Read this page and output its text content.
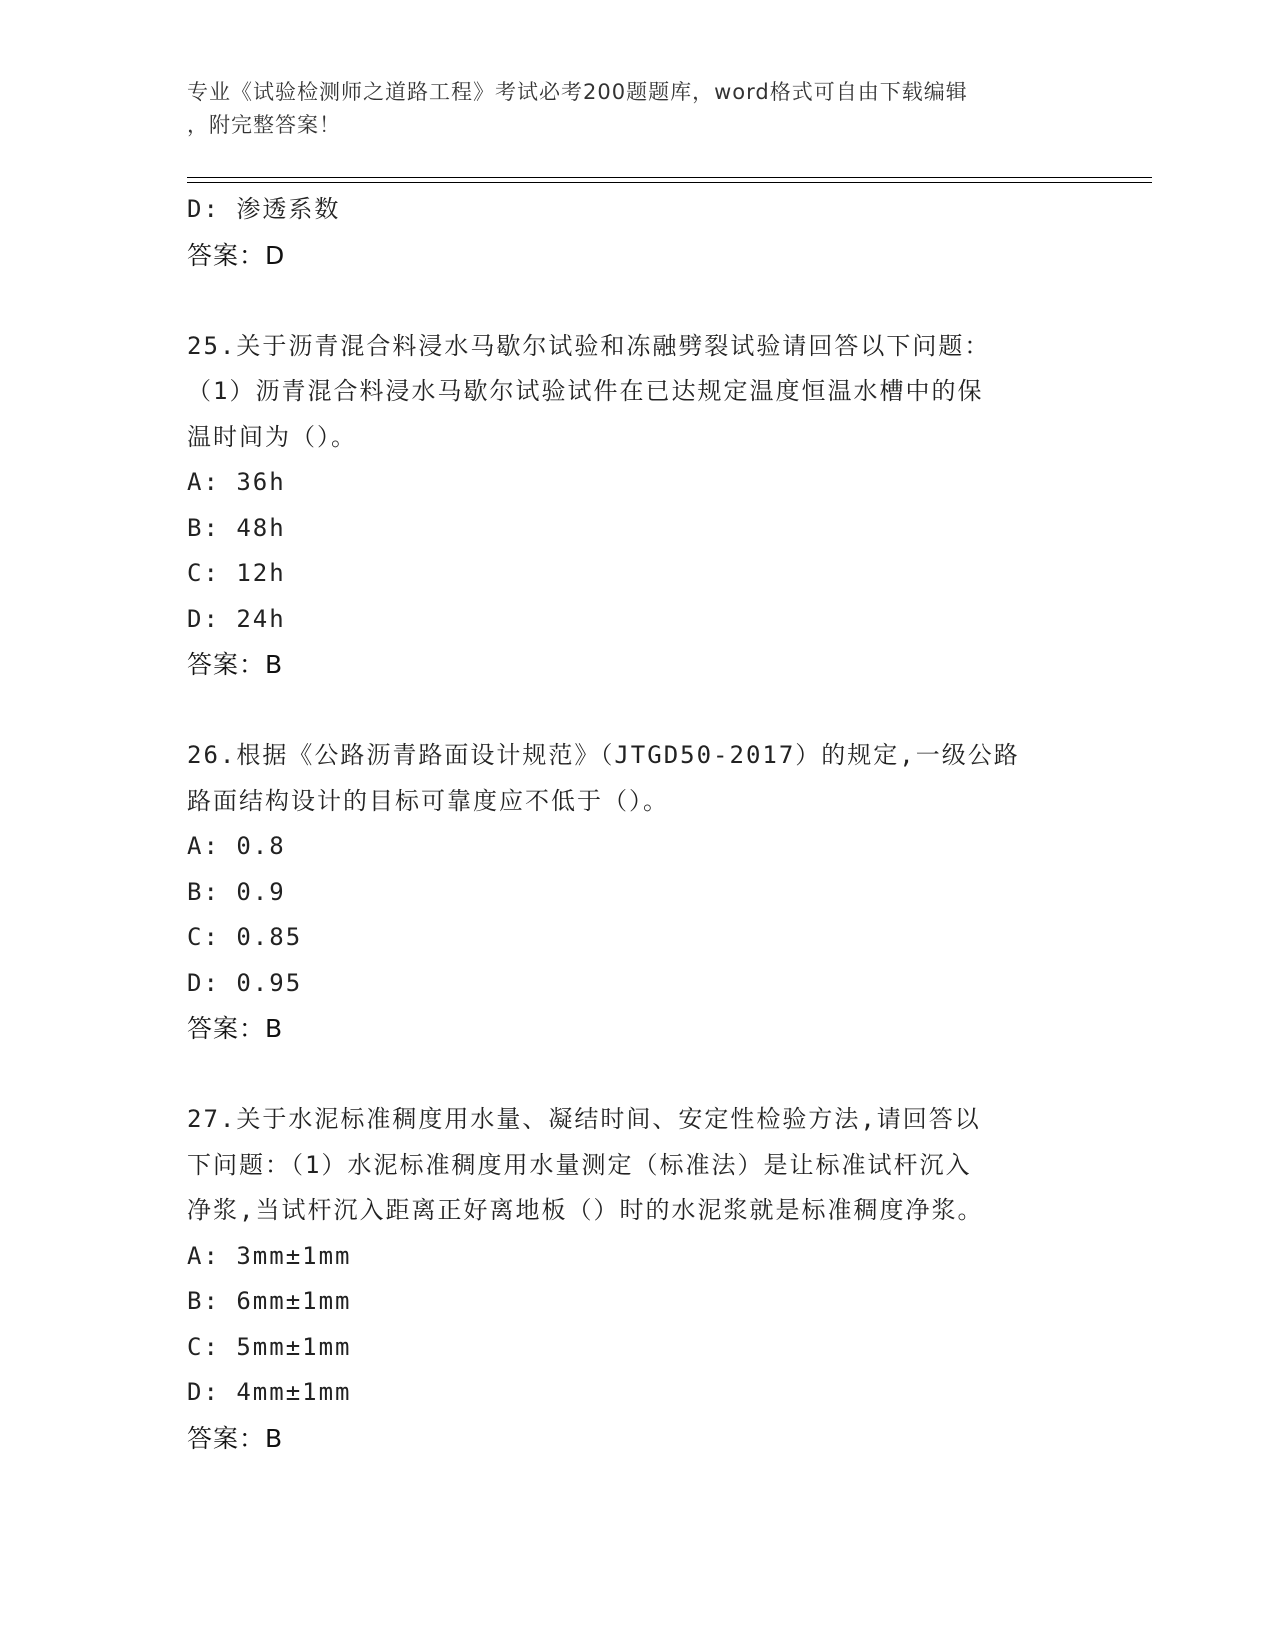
专业《试验检测师之道路工程》考试必考200题题库，word格式可自由下载编辑
，附完整答案！
D: 渗透系数
答案：D
25.关于沥青混合料浸水马歇尔试验和冻融劈裂试验请回答以下问题：
（1）沥青混合料浸水马歇尔试验试件在已达规定温度恒温水槽中的保
温时间为（）。
A: 36h
B: 48h
C: 12h
D: 24h
答案：B
26.根据《公路沥青路面设计规范》（JTGD50-2017）的规定,一级公路
路面结构设计的目标可靠度应不低于（）。
A: 0.8
B: 0.9
C: 0.85
D: 0.95
答案：B
27.关于水泥标准稠度用水量、凝结时间、安定性检验方法,请回答以
下问题：（1）水泥标准稠度用水量测定（标准法）是让标准试杆沉入
净浆,当试杆沉入距离正好离地板（）时的水泥浆就是标准稠度净浆。
A: 3mm±1mm
B: 6mm±1mm
C: 5mm±1mm
D: 4mm±1mm
答案：B
